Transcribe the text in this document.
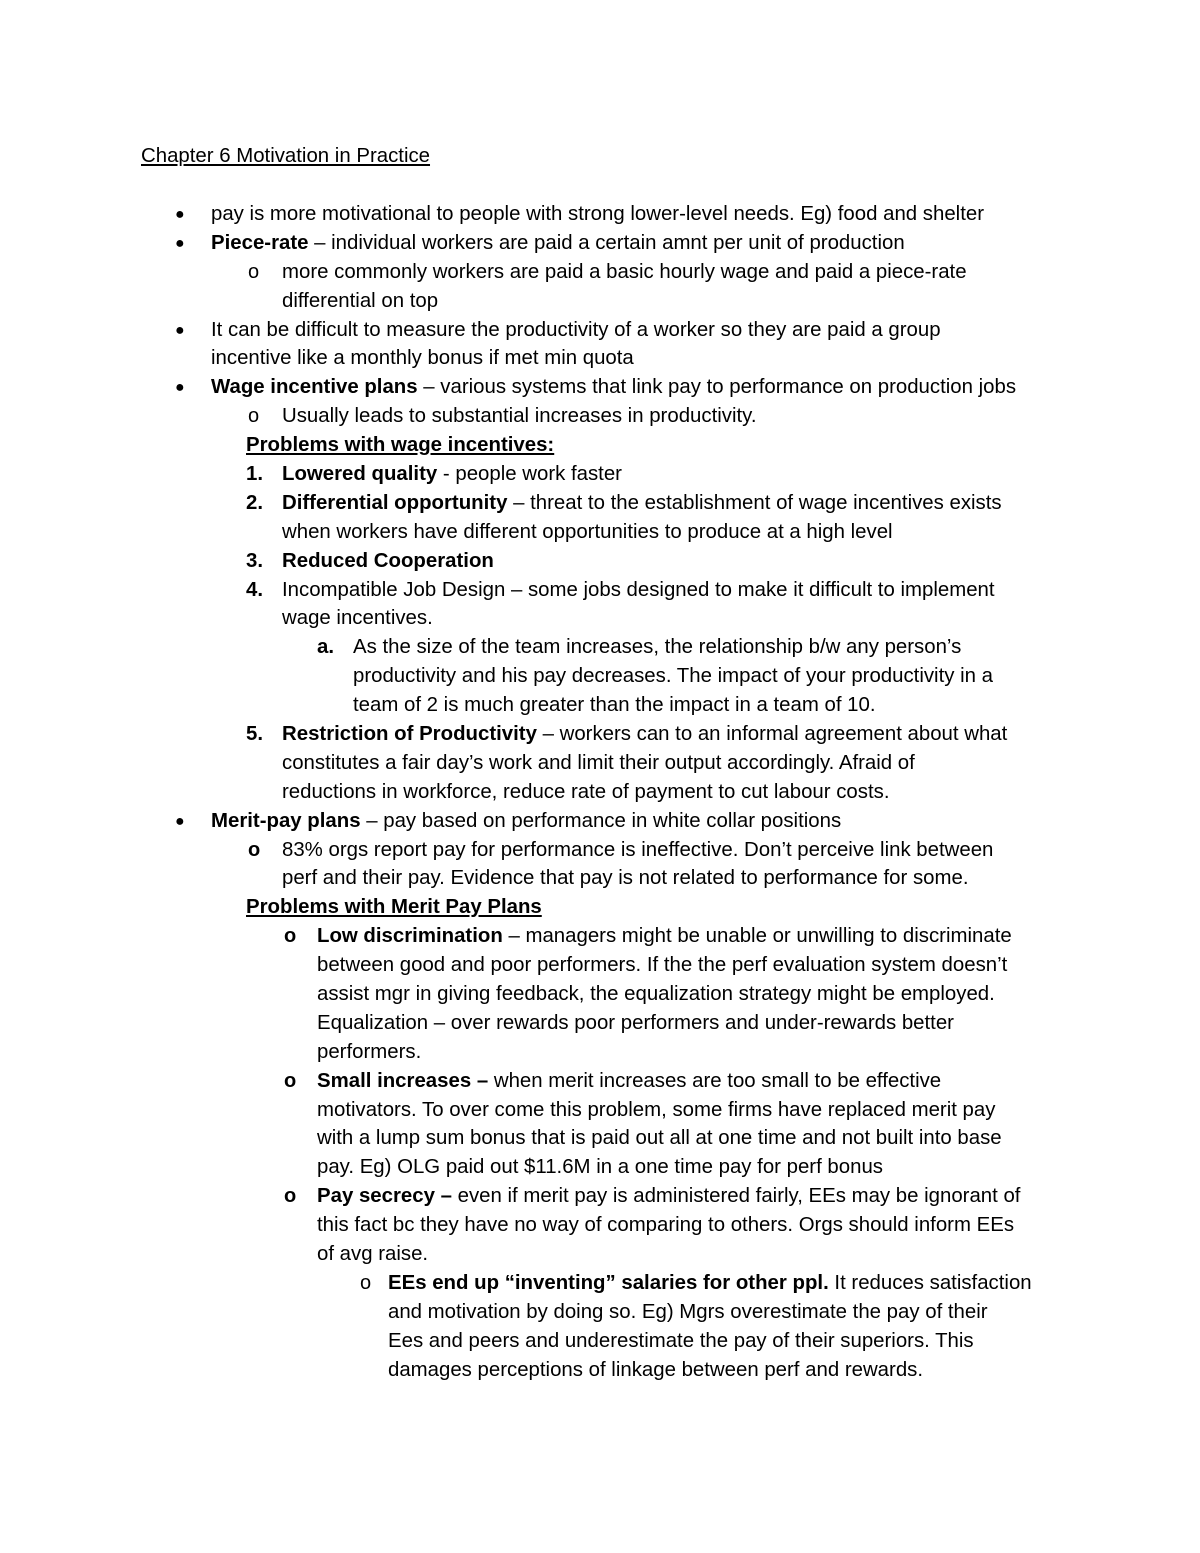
Chapter 6 Motivation in Practice
● pay is more motivational to people with strong lower-level needs. Eg) food and shelter
● Piece-rate – individual workers are paid a certain amnt per unit of production
o more commonly workers are paid a basic hourly wage and paid a piece-rate
differential on top
● It can be difficult to measure the productivity of a worker so they are paid a group
incentive like a monthly bonus if met min quota
● Wage incentive plans – various systems that link pay to performance on production jobs
o Usually leads to substantial increases in productivity.
Problems with wage incentives:
1. Lowered quality - people work faster
2. Differential opportunity – threat to the establishment of wage incentives exists
when workers have different opportunities to produce at a high level
3. Reduced Cooperation
4. Incompatible Job Design – some jobs designed to make it difficult to implement
wage incentives.
a. As the size of the team increases, the relationship b/w any person’s
productivity and his pay decreases. The impact of your productivity in a
team of 2 is much greater than the impact in a team of 10.
5. Restriction of Productivity – workers can to an informal agreement about what
constitutes a fair day’s work and limit their output accordingly. Afraid of
reductions in workforce, reduce rate of payment to cut labour costs.
● Merit-pay plans – pay based on performance in white collar positions
o 83% orgs report pay for performance is ineffective. Don’t perceive link between
perf and their pay. Evidence that pay is not related to performance for some.
Problems with Merit Pay Plans
o Low discrimination – managers might be unable or unwilling to discriminate
between good and poor performers. If the the perf evaluation system doesn’t
assist mgr in giving feedback, the equalization strategy might be employed.
Equalization – over rewards poor performers and under-rewards better
performers.
o Small increases – when merit increases are too small to be effective
motivators. To over come this problem, some firms have replaced merit pay
with a lump sum bonus that is paid out all at one time and not built into base
pay. Eg) OLG paid out $11.6M in a one time pay for perf bonus
o Pay secrecy – even if merit pay is administered fairly, EEs may be ignorant of
this fact bc they have no way of comparing to others. Orgs should inform EEs
of avg raise.
o EEs end up “inventing” salaries for other ppl. It reduces satisfaction
and motivation by doing so. Eg) Mgrs overestimate the pay of their
Ees and peers and underestimate the pay of their superiors. This
damages perceptions of linkage between perf and rewards.
